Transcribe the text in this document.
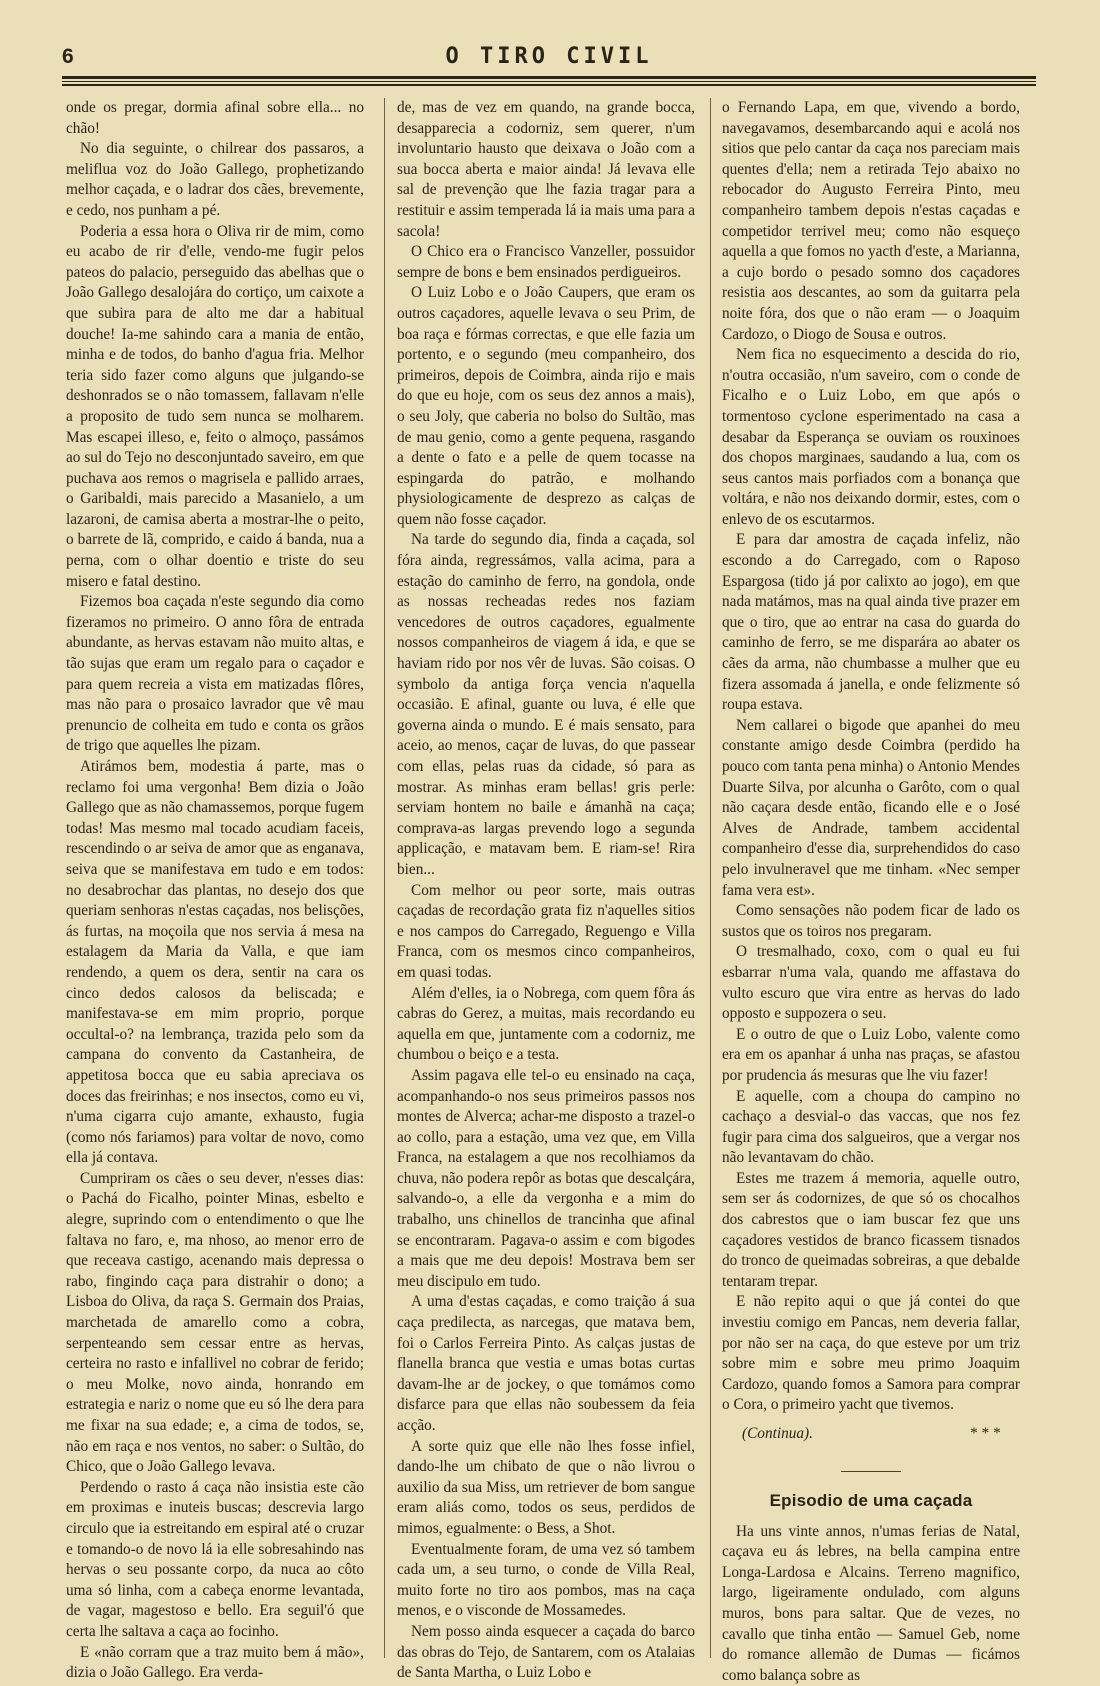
6	O TIRO CIVIL

onde os pregar, dormia afinal sobre ella... no chão!

No dia seguinte, o chilrear dos passaros, a meliflua voz do João Gallego, prophetizando melhor caçada, e o ladrar dos cães, brevemente, e cedo, nos punham a pé.

Poderia a essa hora o Oliva rir de mim, como eu acabo de rir d'elle, vendo-me fugir pelos pateos do palacio, perseguido das abelhas que o João Gallego desalojára do cortiço, um caixote a que subira para de alto me dar a habitual douche! Ia-me sahindo cara a mania de então, minha e de todos, do banho d'agua fria. Melhor teria sido fazer como alguns que julgando-se deshonrados se o não tomassem, fallavam n'elle a proposito de tudo sem nunca se molharem. Mas escapei illeso, e, feito o almoço, passámos ao sul do Tejo no desconjuntado saveiro, em que puchava aos remos o magrisela e pallido arraes, o Garibaldi, mais parecido a Masanielo, a um lazaroni, de camisa aberta a mostrar-lhe o peito, o barrete de lã, comprido, e caido á banda, nua a perna, com o olhar doentio e triste do seu misero e fatal destino.

Fizemos boa caçada n'este segundo dia como fizeramos no primeiro. O anno fôra de entrada abundante, as hervas estavam não muito altas, e tão sujas que eram um regalo para o caçador e para quem recreia a vista em matizadas flôres, mas não para o prosaico lavrador que vê mau prenuncio de colheita em tudo e conta os grãos de trigo que aquelles lhe pizam.

Atirámos bem, modestia á parte, mas o reclamo foi uma vergonha! Bem dizia o João Gallego que as não chamassemos, porque fugem todas! Mas mesmo mal tocado acudiam faceis, rescendindo o ar seiva de amor que as enganava, seiva que se manifestava em tudo e em todos: no desabrochar das plantas, no desejo dos que queriam senhoras n'estas caçadas, nos belisções, ás furtas, na moçoila que nos servia á mesa na estalagem da Maria da Valla, e que iam rendendo, a quem os dera, sentir na cara os cinco dedos calosos da beliscada; e manifestava-se em mim proprio, porque occultal-o? na lembrança, trazida pelo som da campana do convento da Castanheira, de appetitosa bocca que eu sabia apreciava os doces das freirinhas; e nos insectos, como eu vi, n'uma cigarra cujo amante, exhausto, fugia (como nós fariamos) para voltar de novo, como ella já contava.

Cumpriram os cães o seu dever, n'esses dias: o Pachá do Ficalho, pointer Minas, esbelto e alegre, suprindo com o entendimento o que lhe faltava no faro, e, ma nhoso, ao menor erro de que receava castigo, acenando mais depressa o rabo, fingindo caça para distrahir o dono; a Lisboa do Oliva, da raça S. Germain dos Praias, marchetada de amarello como a cobra, serpenteando sem cessar entre as hervas, certeira no rasto e infallivel no cobrar de ferido; o meu Molke, novo ainda, honrando em estrategia e nariz o nome que eu só lhe dera para me fixar na sua edade; e, a cima de todos, se, não em raça e nos ventos, no saber: o Sultão, do Chico, que o João Gallego levava.

Perdendo o rasto á caça não insistia este cão em proximas e inuteis buscas; descrevia largo circulo que ia estreitando em espiral até o cruzar e tomando-o de novo lá ia elle sobresahindo nas hervas o seu possante corpo, da nuca ao côto uma só linha, com a cabeça enorme levantada, de vagar, magestoso e bello. Era seguil'ó que certa lhe saltava a caça ao focinho.

E «não corram que a traz muito bem á mão», dizia o João Gallego. Era verda-

de, mas de vez em quando, na grande bocca, desapparecia a codorniz, sem querer, n'um involuntario hausto que deixava o João com a sua bocca aberta e maior ainda! Já levava elle sal de prevenção que lhe fazia tragar para a restituir e assim temperada lá ia mais uma para a sacola!

O Chico era o Francisco Vanzeller, possuidor sempre de bons e bem ensinados perdigueiros.

O Luiz Lobo e o João Caupers, que eram os outros caçadores, aquelle levava o seu Prim, de boa raça e fórmas correctas, e que elle fazia um portento, e o segundo (meu companheiro, dos primeiros, depois de Coimbra, ainda rijo e mais do que eu hoje, com os seus dez annos a mais), o seu Joly, que caberia no bolso do Sultão, mas de mau genio, como a gente pequena, rasgando a dente o fato e a pelle de quem tocasse na espingarda do patrão, e molhando physiologicamente de desprezo as calças de quem não fosse caçador.

Na tarde do segundo dia, finda a caçada, sol fóra ainda, regressámos, valla acima, para a estação do caminho de ferro, na gondola, onde as nossas recheadas redes nos faziam vencedores de outros caçadores, egualmente nossos companheiros de viagem á ida, e que se haviam rido por nos vêr de luvas. São coisas. O symbolo da antiga força vencia n'aquella occasião. E afinal, guante ou luva, é elle que governa ainda o mundo. E é mais sensato, para aceio, ao menos, caçar de luvas, do que passear com ellas, pelas ruas da cidade, só para as mostrar. As minhas eram bellas! gris perle: serviam hontem no baile e ámanhã na caça; comprava-as largas prevendo logo a segunda applicação, e matavam bem. E riam-se! Rira bien...

Com melhor ou peor sorte, mais outras caçadas de recordação grata fiz n'aquelles sitios e nos campos do Carregado, Reguengo e Villa Franca, com os mesmos cinco companheiros, em quasi todas.

Além d'elles, ia o Nobrega, com quem fôra ás cabras do Gerez, a muitas, mais recordando eu aquella em que, juntamente com a codorniz, me chumbou o beiço e a testa.

Assim pagava elle tel-o eu ensinado na caça, acompanhando-o nos seus primeiros passos nos montes de Alverca; achar-me disposto a trazel-o ao collo, para a estação, uma vez que, em Villa Franca, na estalagem a que nos recolhiamos da chuva, não podera repôr as botas que descalçára, salvando-o, a elle da vergonha e a mim do trabalho, uns chinellos de trancinha que afinal se encontraram. Pagava-o assim e com bigodes a mais que me deu depois! Mostrava bem ser meu discipulo em tudo.

A uma d'estas caçadas, e como traição á sua caça predilecta, as narcegas, que matava bem, foi o Carlos Ferreira Pinto. As calças justas de flanella branca que vestia e umas botas curtas davam-lhe ar de jockey, o que tomámos como disfarce para que ellas não soubessem da feia acção.

A sorte quiz que elle não lhes fosse infiel, dando-lhe um chibato de que o não livrou o auxilio da sua Miss, um retriever de bom sangue eram aliás como, todos os seus, perdidos de mimos, egualmente: o Bess, a Shot.

Eventualmente foram, de uma vez só tambem cada um, a seu turno, o conde de Villa Real, muito forte no tiro aos pombos, mas na caça menos, e o visconde de Mossamedes.

Nem posso ainda esquecer a caçada do barco das obras do Tejo, de Santarem, com os Atalaias de Santa Martha, o Luiz Lobo e

o Fernando Lapa, em que, vivendo a bordo, navegavamos, desembarcando aqui e acolá nos sitios que pelo cantar da caça nos pareciam mais quentes d'ella; nem a retirada Tejo abaixo no rebocador do Augusto Ferreira Pinto, meu companheiro tambem depois n'estas caçadas e competidor terrivel meu; como não esqueço aquella a que fomos no yacth d'este, a Marianna, a cujo bordo o pesado somno dos caçadores resistia aos descantes, ao som da guitarra pela noite fóra, dos que o não eram — o Joaquim Cardozo, o Diogo de Sousa e outros.

Nem fica no esquecimento a descida do rio, n'outra occasião, n'um saveiro, com o conde de Ficalho e o Luiz Lobo, em que após o tormentoso cyclone esperimentado na casa a desabar da Esperança se ouviam os rouxinoes dos chopos marginaes, saudando a lua, com os seus cantos mais porfiados com a bonança que voltára, e não nos deixando dormir, estes, com o enlevo de os escutarmos.

E para dar amostra de caçada infeliz, não escondo a do Carregado, com o Raposo Espargosa (tido já por calixto ao jogo), em que nada matámos, mas na qual ainda tive prazer em que o tiro, que ao entrar na casa do guarda do caminho de ferro, se me disparára ao abater os cães da arma, não chumbasse a mulher que eu fizera assomada á janella, e onde felizmente só roupa estava.

Nem callarei o bigode que apanhei do meu constante amigo desde Coimbra (perdido ha pouco com tanta pena minha) o Antonio Mendes Duarte Silva, por alcunha o Garôto, com o qual não caçara desde então, ficando elle e o José Alves de Andrade, tambem accidental companheiro d'esse dia, surprehendidos do caso pelo invulneravel que me tinham. «Nec semper fama vera est».

Como sensações não podem ficar de lado os sustos que os toiros nos pregaram.

O tresmalhado, coxo, com o qual eu fui esbarrar n'uma vala, quando me affastava do vulto escuro que vira entre as hervas do lado opposto e suppozera o seu.

E o outro de que o Luiz Lobo, valente como era em os apanhar á unha nas praças, se afastou por prudencia ás mesuras que lhe viu fazer!

E aquelle, com a choupa do campino no cachaço a desvial-o das vaccas, que nos fez fugir para cima dos salgueiros, que a vergar nos não levantavam do chão.

Estes me trazem á memoria, aquelle outro, sem ser ás codornizes, de que só os chocalhos dos cabrestos que o iam buscar fez que uns caçadores vestidos de branco ficassem tisnados do tronco de queimadas sobreiras, a que debalde tentaram trepar.

E não repito aqui o que já contei do que investiu comigo em Pancas, nem deveria fallar, por não ser na caça, do que esteve por um triz sobre mim e sobre meu primo Joaquim Cardozo, quando fomos a Samora para comprar o Cora, o primeiro yacht que tivemos.

(Continua).	* * *
Episodio de uma caçada

Ha uns vinte annos, n'umas ferias de Natal, caçava eu ás lebres, na bella campina entre Longa-Lardosa e Alcains. Terreno magnifico, largo, ligeiramente ondulado, com alguns muros, bons para saltar. Que de vezes, no cavallo que tinha então — Samuel Geb, nome do romance allemão de Dumas — ficámos como balança sobre as
